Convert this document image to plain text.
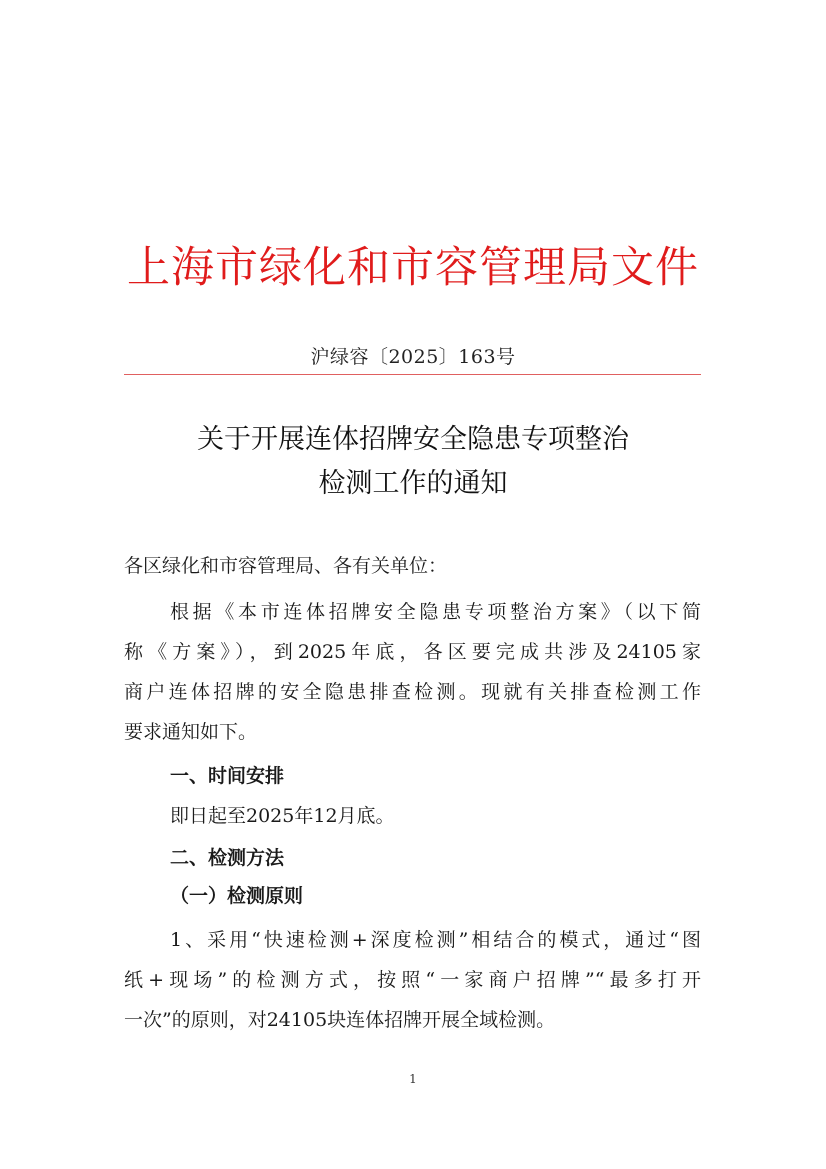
上海市绿化和市容管理局文件
沪绿容〔2025〕163号
关于开展连体招牌安全隐患专项整治
检测工作的通知
各区绿化和市容管理局、各有关单位：
根据《本市连体招牌安全隐患专项整治方案》（以下简
称《方案》），到2025年底，各区要完成共涉及24105家
商户连体招牌的安全隐患排查检测。现就有关排查检测工作
要求通知如下。
一、时间安排
即日起至2025年12月底。
二、检测方法
（一）检测原则
1、采用“快速检测+深度检测”相结合的模式，通过“图
纸+现场”的检测方式，按照“一家商户招牌”“最多打开
一次”的原则，对24105块连体招牌开展全域检测。
1
